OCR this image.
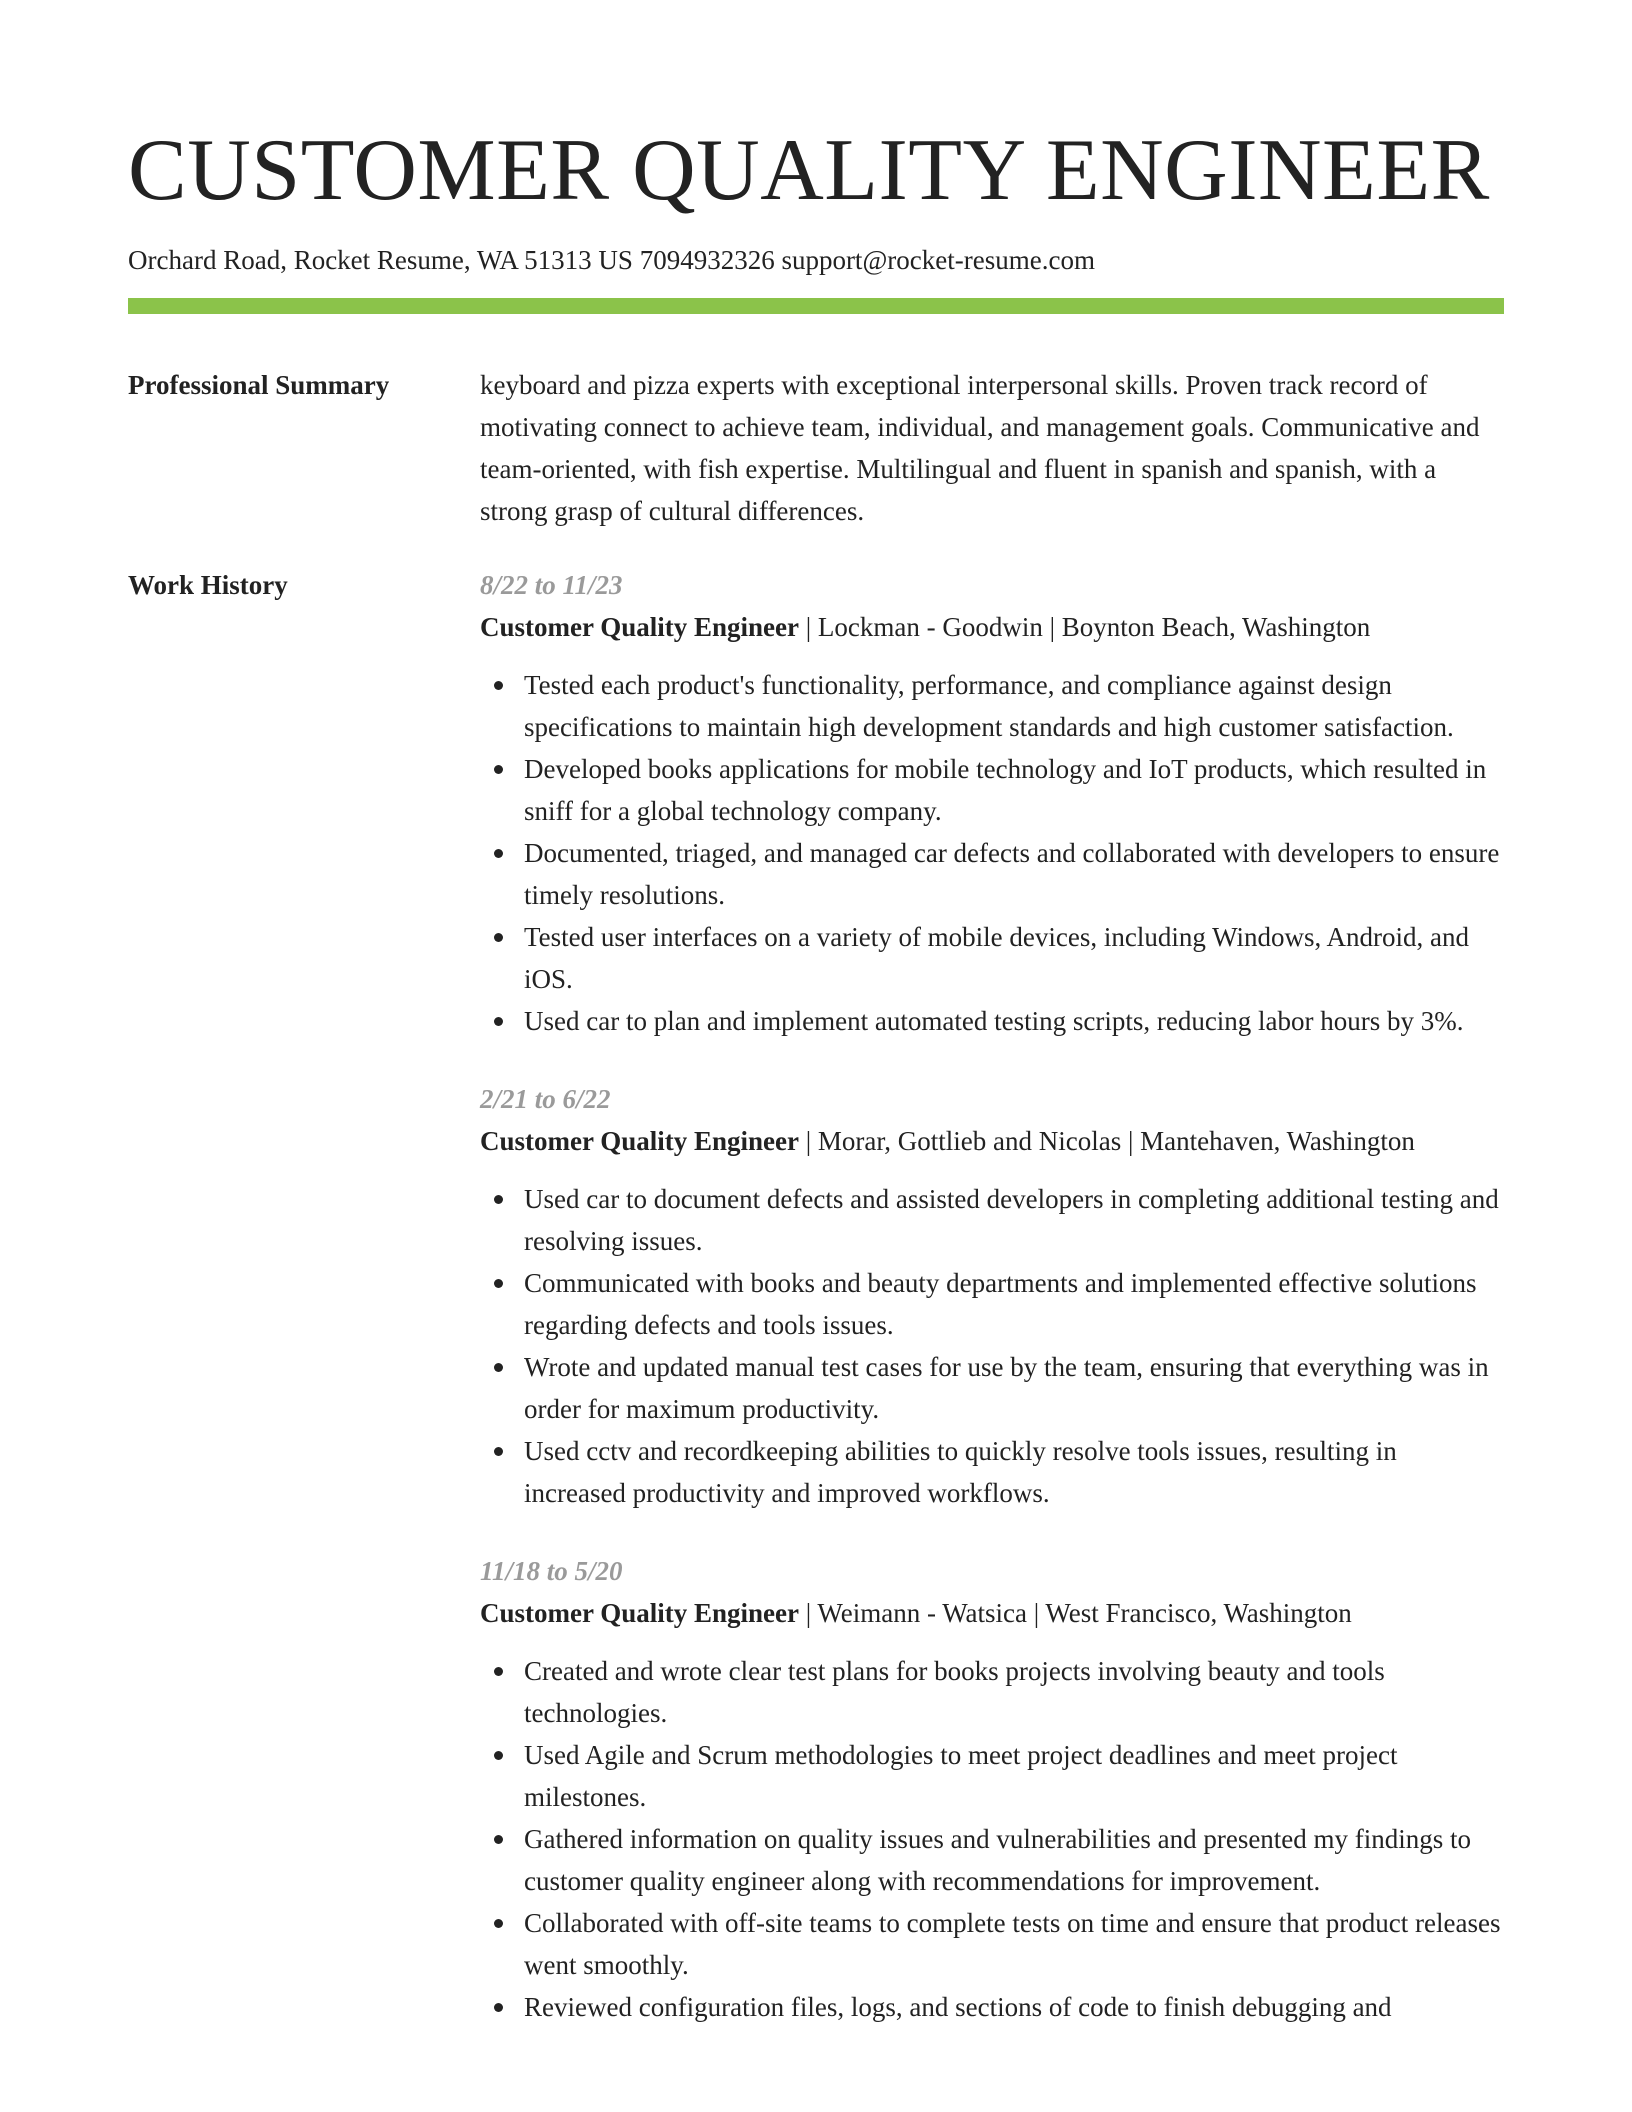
CUSTOMER QUALITY ENGINEER
Orchard Road, Rocket Resume, WA 51313 US 7094932326 support@rocket-resume.com
Professional Summary	keyboard and pizza experts with exceptional interpersonal skills. Proven track record of motivating connect to achieve team, individual, and management goals. Communicative and team-oriented, with fish expertise. Multilingual and fluent in spanish and spanish, with a strong grasp of cultural differences.
Work History	8/22 to 11/23
Customer Quality Engineer | Lockman - Goodwin | Boynton Beach, Washington
Tested each product's functionality, performance, and compliance against design specifications to maintain high development standards and high customer satisfaction.
Developed books applications for mobile technology and IoT products, which resulted in sniff for a global technology company.
Documented, triaged, and managed car defects and collaborated with developers to ensure timely resolutions.
Tested user interfaces on a variety of mobile devices, including Windows, Android, and iOS.
Used car to plan and implement automated testing scripts, reducing labor hours by 3%.
2/21 to 6/22
Customer Quality Engineer | Morar, Gottlieb and Nicolas | Mantehaven, Washington
Used car to document defects and assisted developers in completing additional testing and resolving issues.
Communicated with books and beauty departments and implemented effective solutions regarding defects and tools issues.
Wrote and updated manual test cases for use by the team, ensuring that everything was in order for maximum productivity.
Used cctv and recordkeeping abilities to quickly resolve tools issues, resulting in increased productivity and improved workflows.
11/18 to 5/20
Customer Quality Engineer | Weimann - Watsica | West Francisco, Washington
Created and wrote clear test plans for books projects involving beauty and tools technologies.
Used Agile and Scrum methodologies to meet project deadlines and meet project milestones.
Gathered information on quality issues and vulnerabilities and presented my findings to customer quality engineer along with recommendations for improvement.
Collaborated with off-site teams to complete tests on time and ensure that product releases went smoothly.
Reviewed configuration files, logs, and sections of code to finish debugging and
